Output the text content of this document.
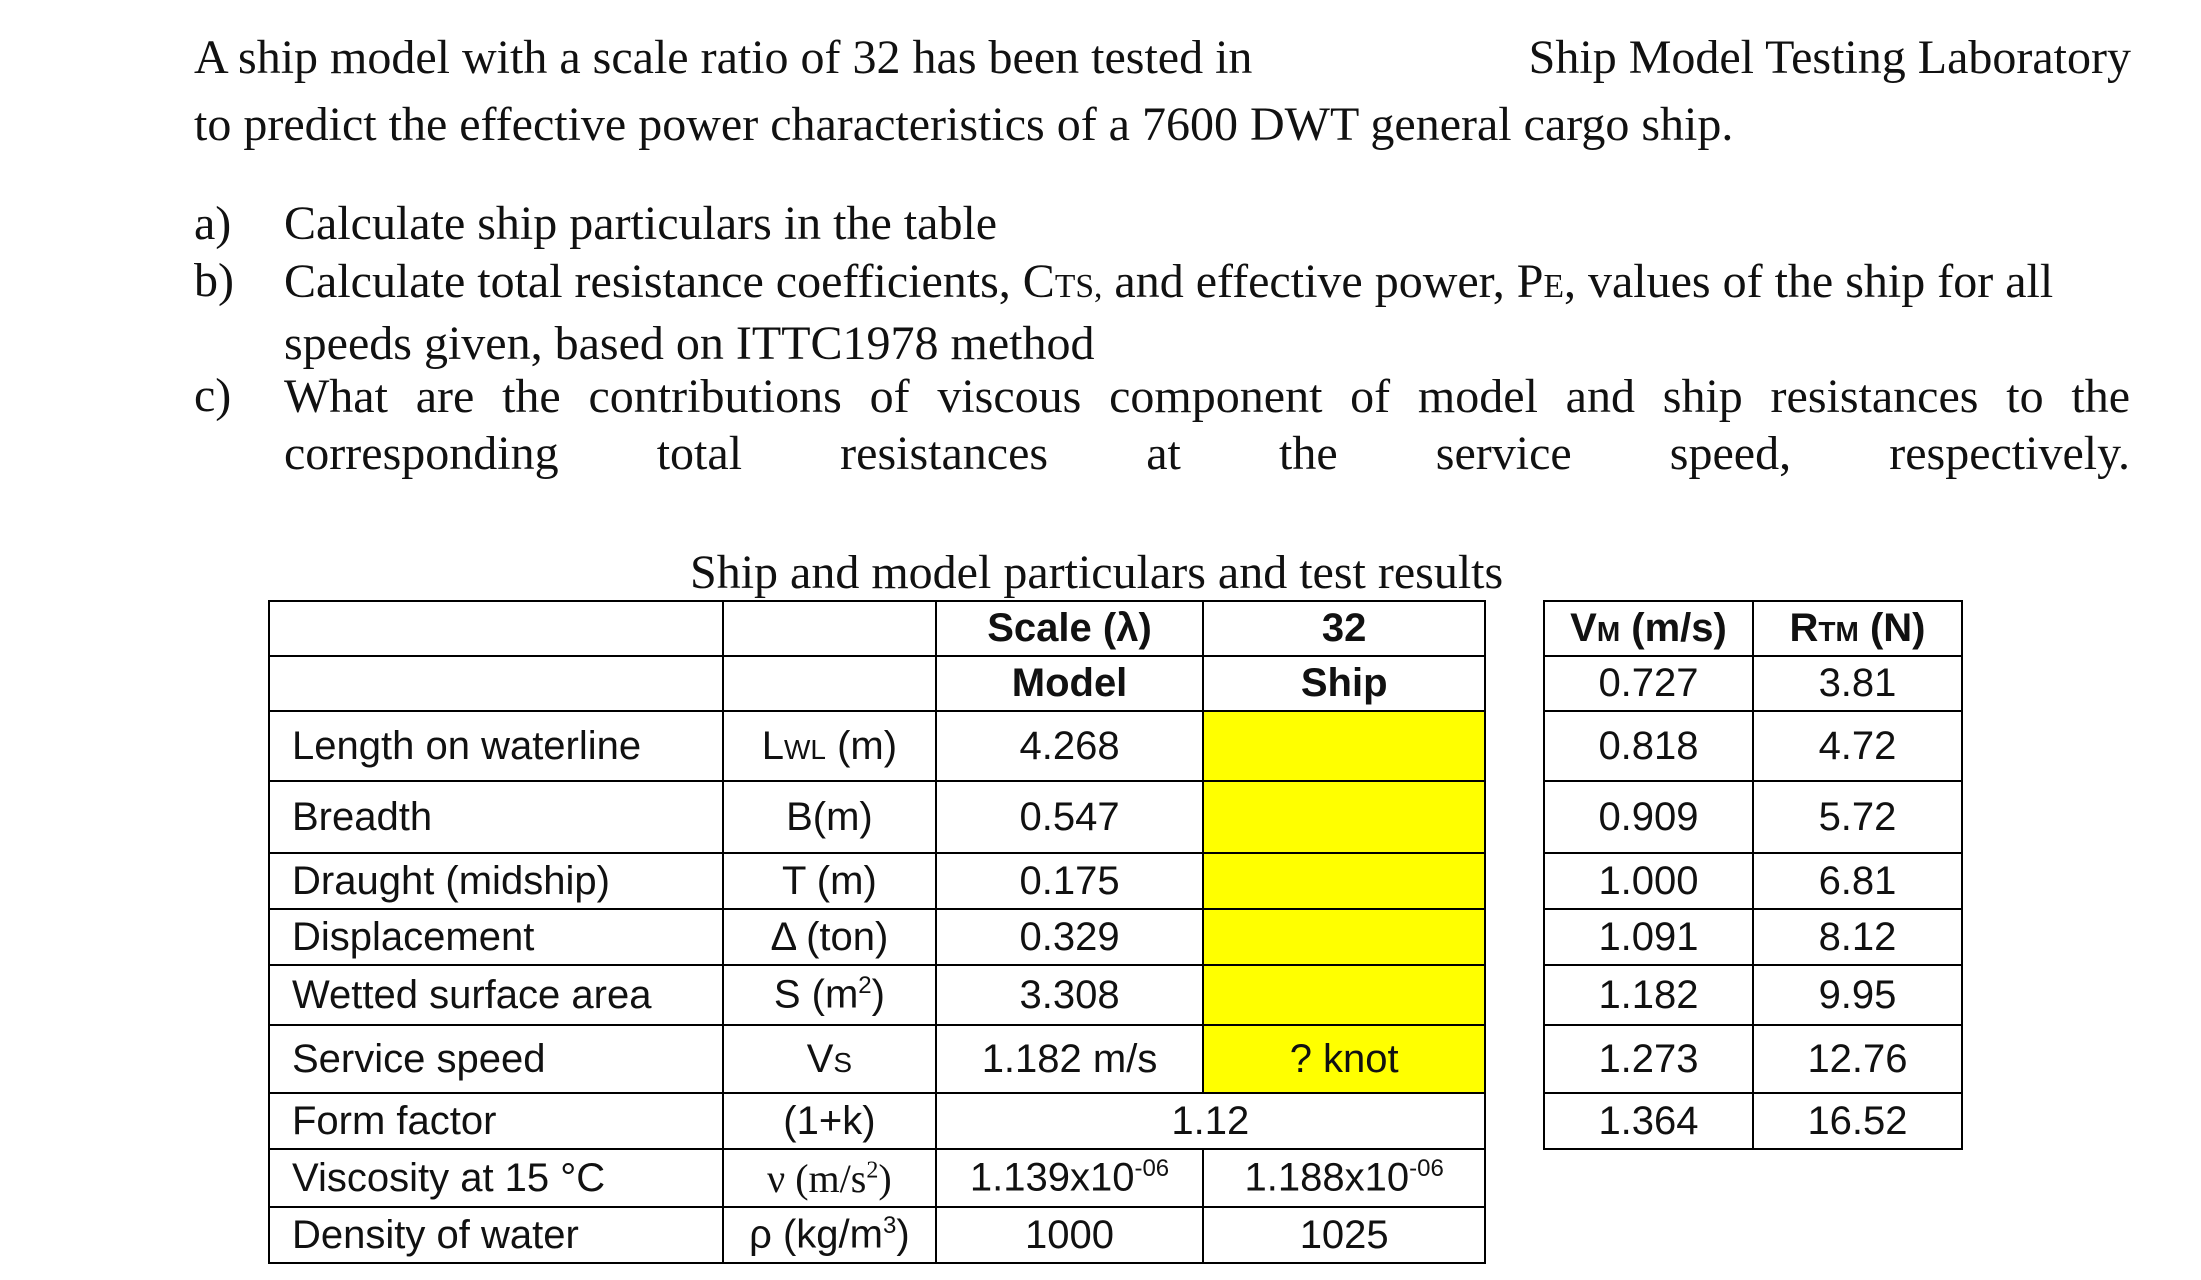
A ship model with a scale ratio of 32 has been tested in	Ship Model Testing Laboratory
to predict the effective power characteristics of a 7600 DWT general cargo ship.
a) Calculate ship particulars in the table
b) Calculate total resistance coefficients, CTS, and effective power, PE, values of the ship for all speeds given, based on ITTC1978 method
c) What are the contributions of viscous component of model and ship resistances to the corresponding total resistances at the service speed, respectively.
Ship and model particulars and test results
		Scale (λ)	32
		Model	Ship
Length on waterline	LWL (m)	4.268	
Breadth	B(m)	0.547	
Draught (midship)	T (m)	0.175	
Displacement	Δ (ton)	0.329	
Wetted surface area	S $(m^2)$	3.308	
Service speed	VS	1.182 m/s	? knot
Form factor	(1+k)	1.12	
Viscosity at 15 °C	ν $(m/s^2)$	$1.139x10^{-06}$	$1.188x10^{-06}$
Density of water	ρ $(kg/m^3)$	1000	1025
VM (m/s)	RTM (N)
0.727	3.81
0.818	4.72
0.909	5.72
1.000	6.81
1.091	8.12
1.182	9.95
1.273	12.76
1.364	16.52
